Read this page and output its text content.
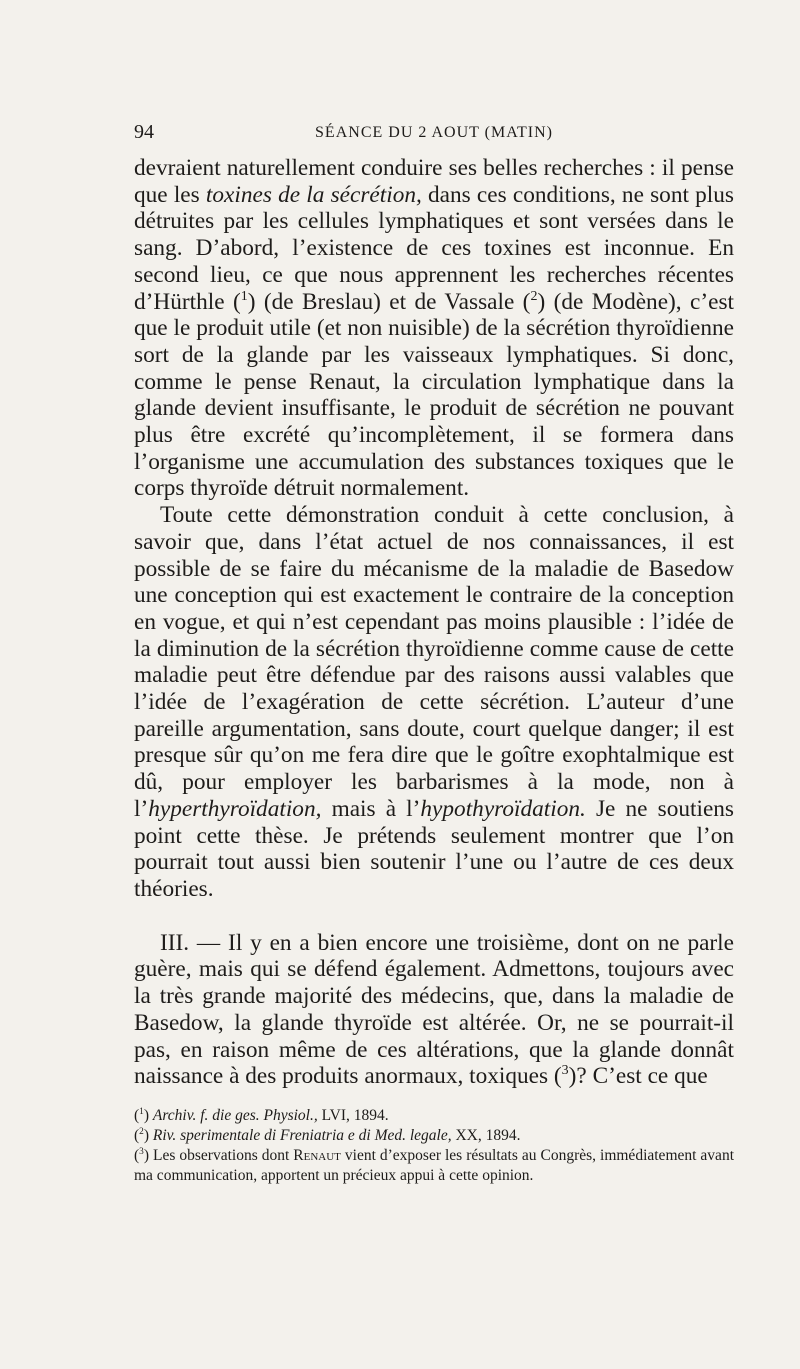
94	SÉANCE DU 2 AOUT (MATIN)

devraient naturellement conduire ses belles recherches : il pense que les toxines de la sécrétion, dans ces conditions, ne sont plus détruites par les cellules lymphatiques et sont versées dans le sang. D’abord, l’existence de ces toxines est inconnue. En second lieu, ce que nous apprennent les recherches récentes d’Hürthle ($^1$) (de Breslau) et de Vassale ($^2$) (de Modène), c’est que le produit utile (et non nuisible) de la sécrétion thyroïdienne sort de la glande par les vaisseaux lymphatiques. Si donc, comme le pense Renaut, la circulation lymphatique dans la glande devient insuffisante, le produit de sécrétion ne pouvant plus être excrété qu’incomplètement, il se formera dans l’organisme une accumulation des substances toxiques que le corps thyroïde détruit normalement.

Toute cette démonstration conduit à cette conclusion, à savoir que, dans l’état actuel de nos connaissances, il est possible de se faire du mécanisme de la maladie de Basedow une conception qui est exactement le contraire de la conception en vogue, et qui n’est cependant pas moins plausible : l’idée de la diminution de la sécrétion thyroïdienne comme cause de cette maladie peut être défendue par des raisons aussi valables que l’idée de l’exagération de cette sécrétion. L’auteur d’une pareille argumentation, sans doute, court quelque danger; il est presque sûr qu’on me fera dire que le goître exophtalmique est dû, pour employer les barbarismes à la mode, non à l’hyperthyroïdation, mais à l’hypothyroïdation. Je ne soutiens point cette thèse. Je prétends seulement montrer que l’on pourrait tout aussi bien soutenir l’une ou l’autre de ces deux théories.

III. — Il y en a bien encore une troisième, dont on ne parle guère, mais qui se défend également. Admettons, toujours avec la très grande majorité des médecins, que, dans la maladie de Basedow, la glande thyroïde est altérée. Or, ne se pourrait-il pas, en raison même de ces altérations, que la glande donnât naissance à des produits anormaux, toxiques ($^3$)? C’est ce que

($^1$) Archiv. f. die ges. Physiol., LVI, 1894.

($^2$) Riv. sperimentale di Freniatria e di Med. legale, XX, 1894.

($^3$) Les observations dont Renaut vient d’exposer les résultats au Congrès, immédiatement avant ma communication, apportent un précieux appui à cette opinion.
